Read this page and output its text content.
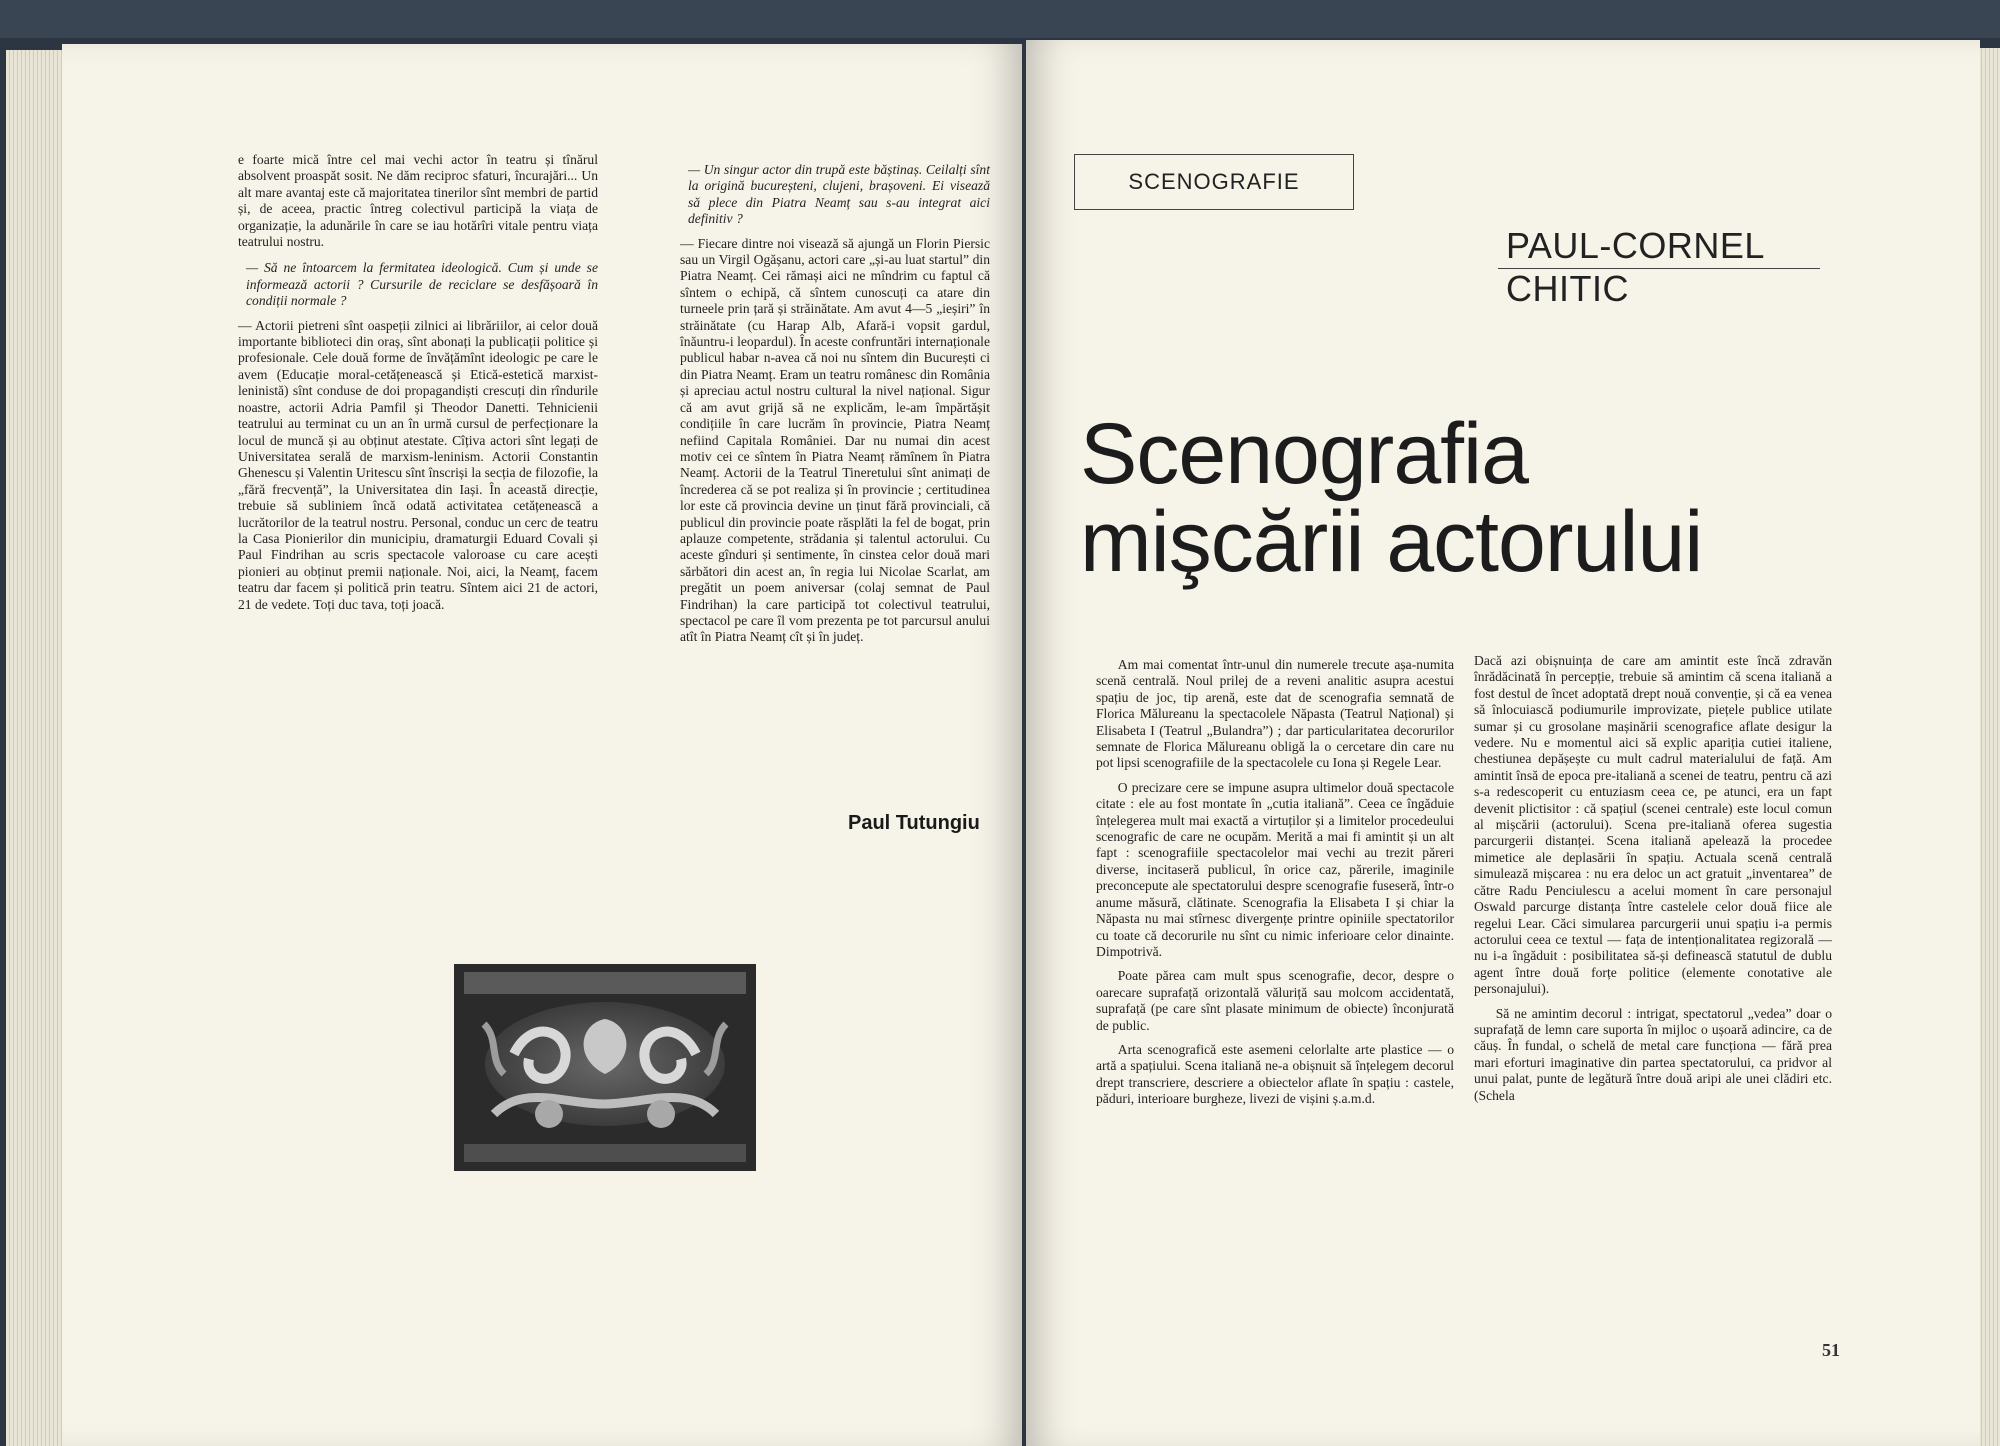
e foarte mică între cel mai vechi actor în teatru și tînărul absolvent proaspăt sosit. Ne dăm reciproc sfaturi, încurajări... Un alt mare avantaj este că majoritatea tinerilor sînt membri de partid și, de aceea, practic întreg colectivul participă la viața de organizație, la adunările în care se iau hotărîri vitale pentru viața teatrului nostru.

— Să ne întoarcem la fermitatea ideologică. Cum și unde se informează actorii ? Cursurile de reciclare se desfășoară în condiții normale ?

— Actorii pietreni sînt oaspeții zilnici ai librăriilor, ai celor două importante biblioteci din oraș, sînt abonați la publicații politice și profesionale. Cele două forme de învățămînt ideologic pe care le avem (Educație moral-cetățenească și Etică-estetică marxist-leninistă) sînt conduse de doi propagandiști crescuți din rîndurile noastre, actorii Adria Pamfil și Theodor Danetti. Tehnicienii teatrului au terminat cu un an în urmă cursul de perfecționare la locul de muncă și au obținut atestate. Cîțiva actori sînt legați de Universitatea serală de marxism-leninism. Actorii Constantin Ghenescu și Valentin Uritescu sînt înscriși la secția de filozofie, la „fără frecvență”, la Universitatea din Iași. În această direcție, trebuie să subliniem încă odată activitatea cetățenească a lucrătorilor de la teatrul nostru. Personal, conduc un cerc de teatru la Casa Pionierilor din municipiu, dramaturgii Eduard Covali și Paul Findrihan au scris spectacole valoroase cu care acești pionieri au obținut premii naționale. Noi, aici, la Neamț, facem teatru dar facem și politică prin teatru. Sîntem aici 21 de actori, 21 de vedete. Toți duc tava, toți joacă.

— Un singur actor din trupă este băștinaș. Ceilalți sînt la origină bucureșteni, clujeni, brașoveni. Ei visează să plece din Piatra Neamț sau s-au integrat aici definitiv ?

— Fiecare dintre noi visează să ajungă un Florin Piersic sau un Virgil Ogășanu, actori care „și-au luat startul” din Piatra Neamț. Cei rămași aici ne mîndrim cu faptul că sîntem o echipă, că sîntem cunoscuți ca atare din turneele prin țară și străinătate. Am avut 4—5 „ieșiri” în străinătate (cu Harap Alb, Afară-i vopsit gardul, înăuntru-i leopardul). În aceste confruntări internaționale publicul habar n-avea că noi nu sîntem din București ci din Piatra Neamț. Eram un teatru românesc din România și apreciau actul nostru cultural la nivel național. Sigur că am avut grijă să ne explicăm, le-am împărtășit condițiile în care lucrăm în provincie, Piatra Neamț nefiind Capitala României. Dar nu numai din acest motiv cei ce sîntem în Piatra Neamț rămînem în Piatra Neamț. Actorii de la Teatrul Tineretului sînt animați de încrederea că se pot realiza și în provincie ; certitudinea lor este că provincia devine un ținut fără provinciali, că publicul din provincie poate răsplăti la fel de bogat, prin aplauze competente, strădania și talentul actorului. Cu aceste gînduri și sentimente, în cinstea celor două mari sărbători din acest an, în regia lui Nicolae Scarlat, am pregătit un poem aniversar (colaj semnat de Paul Findrihan) la care participă tot colectivul teatrului, spectacol pe care îl vom prezenta pe tot parcursul anului atît în Piatra Neamț cît și în județ.

Paul Tutungiu
SCENOGRAFIE
PAUL-CORNEL
CHITIC
Scenografia
mişcării actorului

Am mai comentat într-unul din numerele trecute așa-numita scenă centrală. Noul prilej de a reveni analitic asupra acestui spațiu de joc, tip arenă, este dat de scenografia semnată de Florica Mălureanu la spectacolele Năpasta (Teatrul Național) și Elisabeta I (Teatrul „Bulandra”) ; dar particularitatea decorurilor semnate de Florica Mălureanu obligă la o cercetare din care nu pot lipsi scenografiile de la spectacolele cu Iona și Regele Lear.

O precizare cere se impune asupra ultimelor două spectacole citate : ele au fost montate în „cutia italiană”. Ceea ce îngăduie înțelegerea mult mai exactă a virtuților și a limitelor procedeului scenografic de care ne ocupăm. Merită a mai fi amintit și un alt fapt : scenografiile spectacolelor mai vechi au trezit păreri diverse, incitaseră publicul, în orice caz, părerile, imaginile preconcepute ale spectatorului despre scenografie fuseseră, într-o anume măsură, clătinate. Scenografia la Elisabeta I și chiar la Năpasta nu mai stîrnesc divergențe printre opiniile spectatorilor cu toate că decorurile nu sînt cu nimic inferioare celor dinainte. Dimpotrivă.

Poate părea cam mult spus scenografie, decor, despre o oarecare suprafață orizontală văluriță sau molcom accidentată, suprafață (pe care sînt plasate minimum de obiecte) înconjurată de public.

Arta scenografică este asemeni celorlalte arte plastice — o artă a spațiului. Scena italiană ne-a obișnuit să înțelegem decorul drept transcriere, descriere a obiectelor aflate în spațiu : castele, păduri, interioare burgheze, livezi de vișini ș.a.m.d.

Dacă azi obișnuința de care am amintit este încă zdravăn înrădăcinată în percepție, trebuie să amintim că scena italiană a fost destul de încet adoptată drept nouă convenție, și că ea venea să înlocuiască podiumurile improvizate, piețele publice utilate sumar și cu grosolane mașinării scenografice aflate desigur la vedere. Nu e momentul aici să explic apariția cutiei italiene, chestiunea depășește cu mult cadrul materialului de față. Am amintit însă de epoca pre-italiană a scenei de teatru, pentru că azi s-a redescoperit cu entuziasm ceea ce, pe atunci, era un fapt devenit plictisitor : că spațiul (scenei centrale) este locul comun al mișcării (actorului). Scena pre-italiană oferea sugestia parcurgerii distanței. Scena italiană apelează la procedee mimetice ale deplasării în spațiu. Actuala scenă centrală simulează mișcarea : nu era deloc un act gratuit „inventarea” de către Radu Penciulescu a acelui moment în care personajul Oswald parcurge distanța între castelele celor două fiice ale regelui Lear. Căci simularea parcurgerii unui spațiu i-a permis actorului ceea ce textul — fața de intenționalitatea regizorală — nu i-a îngăduit : posibilitatea să-și definească statutul de dublu agent între două forțe politice (elemente conotative ale personajului).

Să ne amintim decorul : intrigat, spectatorul „vedea” doar o suprafață de lemn care suporta în mijloc o ușoară adincire, ca de căuș. În fundal, o schelă de metal care funcționa — fără prea mari eforturi imaginative din partea spectatorului, ca pridvor al unui palat, punte de legătură între două aripi ale unei clădiri etc. (Schela

51
